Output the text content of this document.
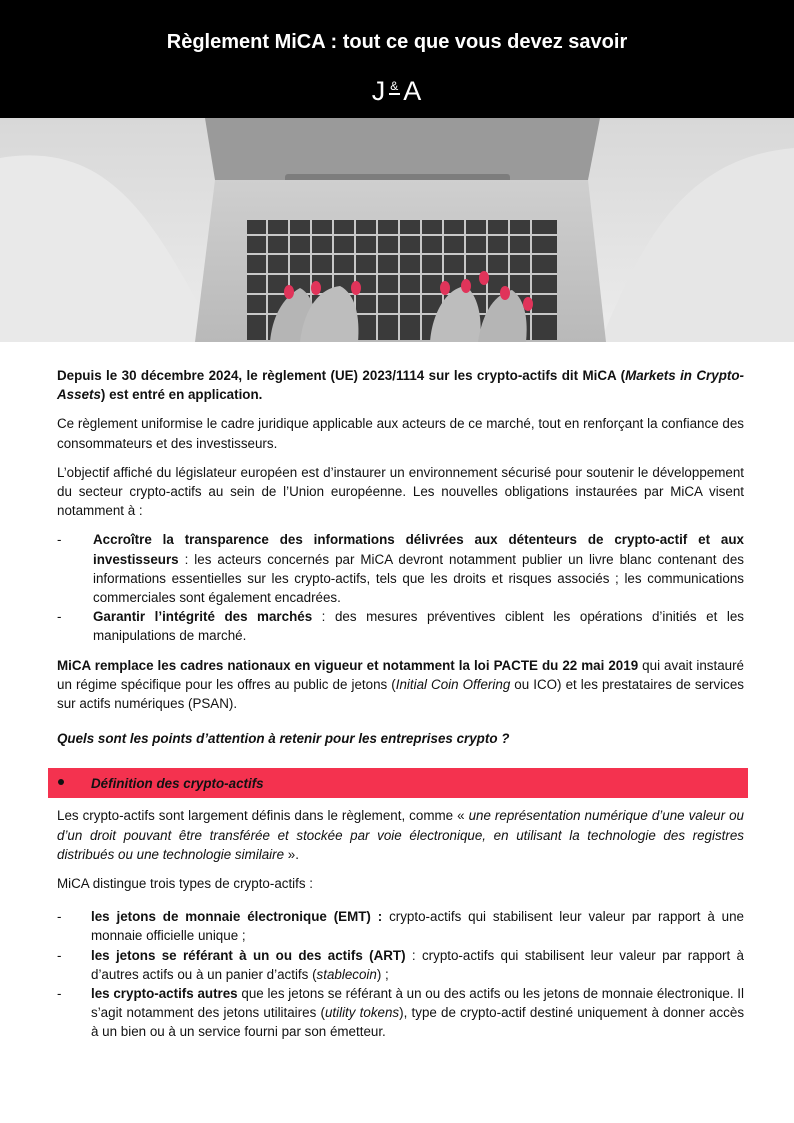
Règlement MiCA : tout ce que vous devez savoir
J & A

Depuis le 30 décembre 2024, le règlement (UE) 2023/1114 sur les crypto-actifs dit MiCA (Markets in Crypto-Assets) est entré en application.

Ce règlement uniformise le cadre juridique applicable aux acteurs de ce marché, tout en renforçant la confiance des consommateurs et des investisseurs.

L’objectif affiché du législateur européen est d’instaurer un environnement sécurisé pour soutenir le développement du secteur crypto-actifs au sein de l’Union européenne. Les nouvelles obligations instaurées par MiCA visent notamment à :

- Accroître la transparence des informations délivrées aux détenteurs de crypto-actif et aux investisseurs : les acteurs concernés par MiCA devront notamment publier un livre blanc contenant des informations essentielles sur les crypto-actifs, tels que les droits et risques associés ; les communications commerciales sont également encadrées.
- Garantir l’intégrité des marchés : des mesures préventives ciblent les opérations d’initiés et les manipulations de marché.

MiCA remplace les cadres nationaux en vigueur et notamment la loi PACTE du 22 mai 2019 qui avait instauré un régime spécifique pour les offres au public de jetons (Initial Coin Offering ou ICO) et les prestataires de services sur actifs numériques (PSAN).

Quels sont les points d’attention à retenir pour les entreprises crypto ?

Définition des crypto-actifs

Les crypto-actifs sont largement définis dans le règlement, comme « une représentation numérique d’une valeur ou d’un droit pouvant être transférée et stockée par voie électronique, en utilisant la technologie des registres distribués ou une technologie similaire ».

MiCA distingue trois types de crypto-actifs :

- les jetons de monnaie électronique (EMT) : crypto-actifs qui stabilisent leur valeur par rapport à une monnaie officielle unique ;
- les jetons se référant à un ou des actifs (ART) : crypto-actifs qui stabilisent leur valeur par rapport à d’autres actifs ou à un panier d’actifs (stablecoin) ;
- les crypto-actifs autres que les jetons se référant à un ou des actifs ou les jetons de monnaie électronique. Il s’agit notamment des jetons utilitaires (utility tokens), type de crypto-actif destiné uniquement à donner accès à un bien ou à un service fourni par son émetteur.
